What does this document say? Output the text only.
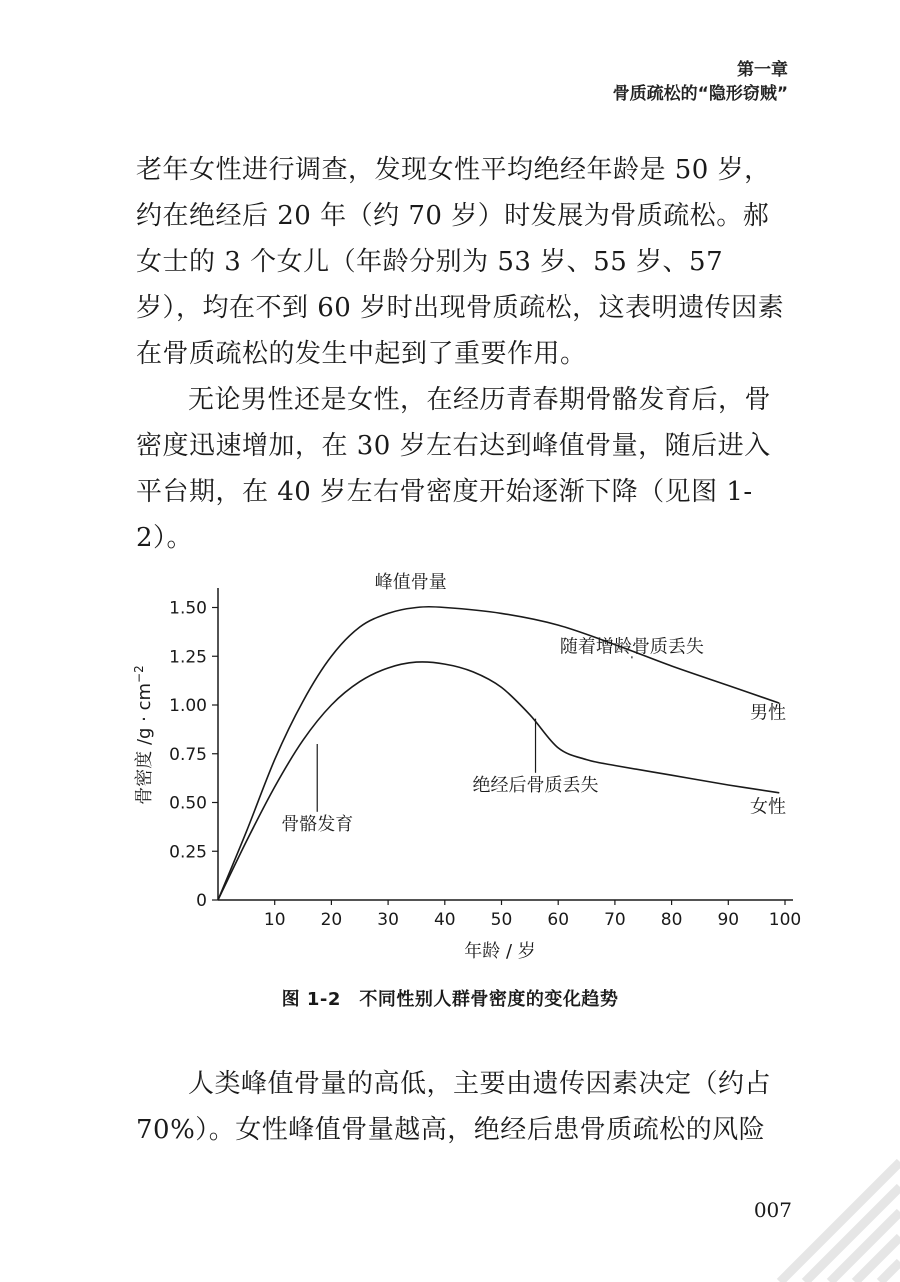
第一章
骨质疏松的“隐形窃贼”

老年女性进行调查，发现女性平均绝经年龄是 50 岁，约在绝经后 20 年（约 70 岁）时发展为骨质疏松。郝女士的 3 个女儿（年龄分别为 53 岁、55 岁、57 岁），均在不到 60 岁时出现骨质疏松，这表明遗传因素在骨质疏松的发生中起到了重要作用。

无论男性还是女性，在经历青春期骨骼发育后，骨密度迅速增加，在 30 岁左右达到峰值骨量，随后进入平台期，在 40 岁左右骨密度开始逐渐下降（见图 1-2）。

0
0.25
0.50
0.75
1.00
1.25
1.50
10 20 30 40 50 60 70 80 90 100
峰值骨量
随着增龄骨质丢失
男性
绝经后骨质丢失
女性
骨骼发育
年龄 / 岁
骨密度 $/g \cdot cm^{-2}$
图 1-2　不同性别人群骨密度的变化趋势

人类峰值骨量的高低，主要由遗传因素决定（约占 70%）。女性峰值骨量越高，绝经后患骨质疏松的风险

007
